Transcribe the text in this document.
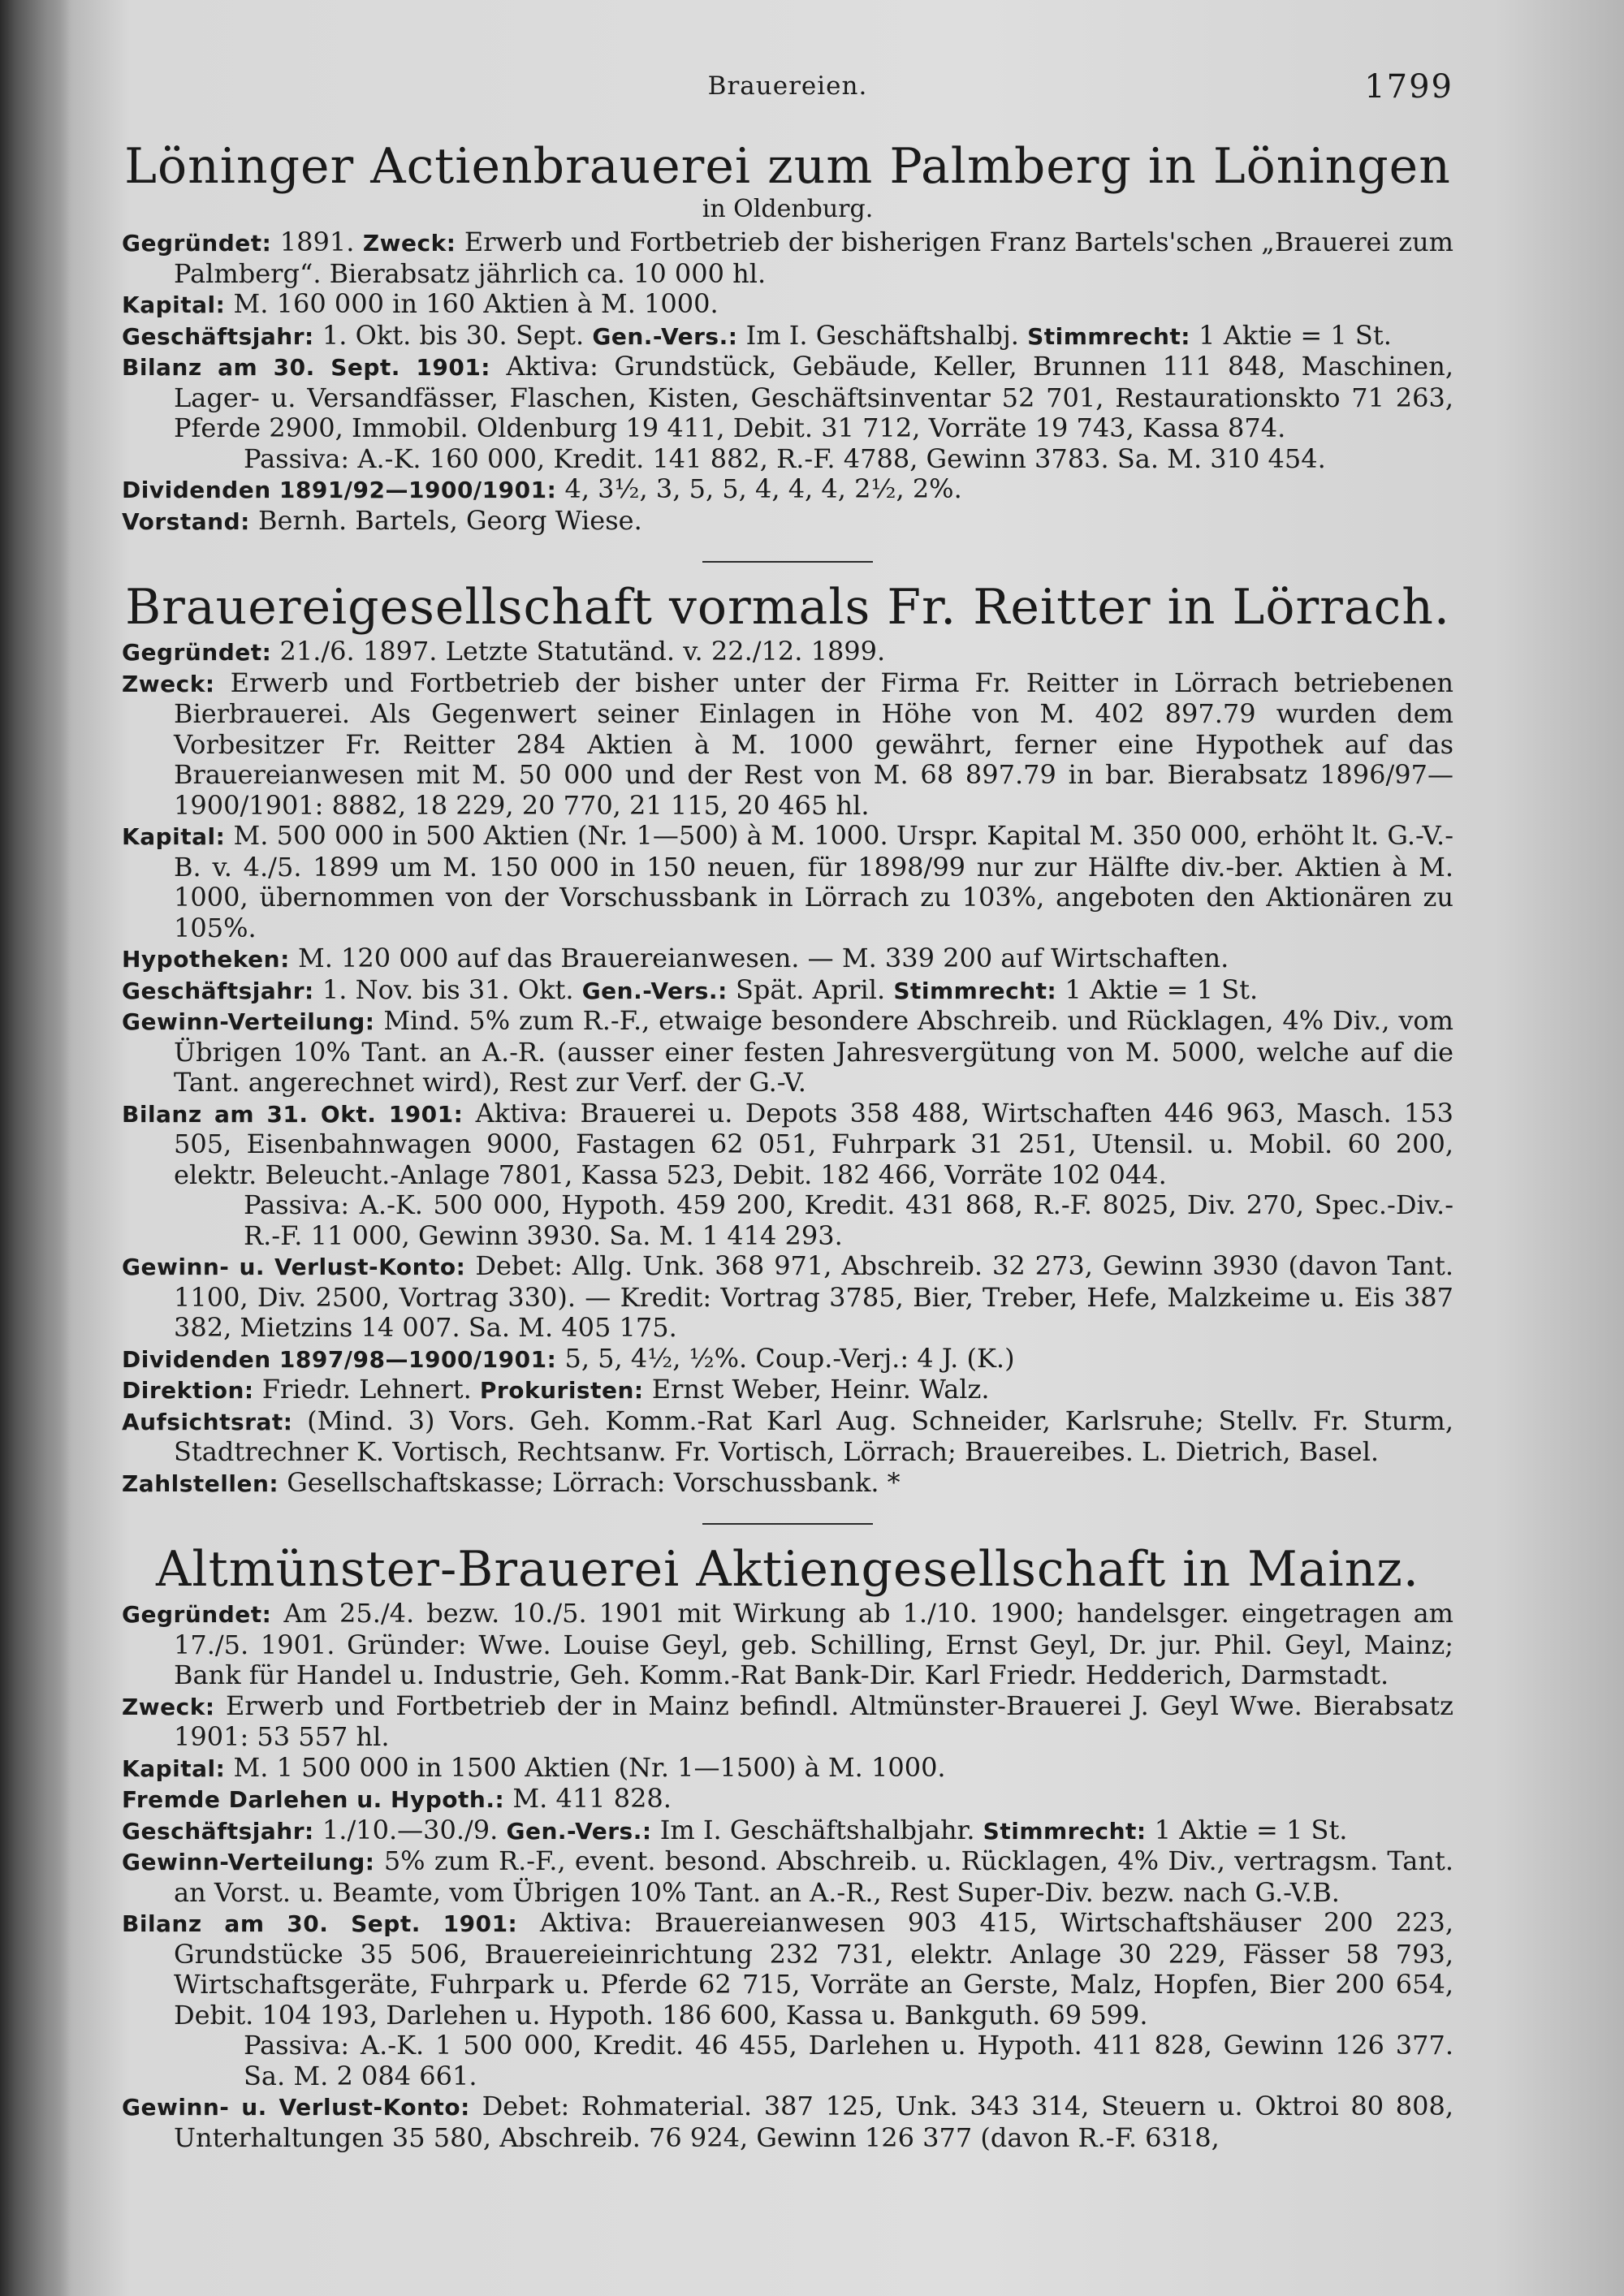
Brauereien.	1799
Löninger Actienbrauerei zum Palmberg in Löningen
in Oldenburg.

Gegründet: 1891. Zweck: Erwerb und Fortbetrieb der bisherigen Franz Bartels'schen „Brauerei zum Palmberg“. Bierabsatz jährlich ca. 10 000 hl.

Kapital: M. 160 000 in 160 Aktien à M. 1000.

Geschäftsjahr: 1. Okt. bis 30. Sept. Gen.-Vers.: Im I. Geschäftshalbj. Stimmrecht: 1 Aktie = 1 St.

Bilanz am 30. Sept. 1901: Aktiva: Grundstück, Gebäude, Keller, Brunnen 111 848, Maschinen, Lager- u. Versandfässer, Flaschen, Kisten, Geschäftsinventar 52 701, Restaurationskto 71 263, Pferde 2900, Immobil. Oldenburg 19 411, Debit. 31 712, Vorräte 19 743, Kassa 874.

Passiva: A.-K. 160 000, Kredit. 141 882, R.-F. 4788, Gewinn 3783. Sa. M. 310 454.

Dividenden 1891/92—1900/1901: 4, 3½, 3, 5, 5, 4, 4, 4, 2½, 2%.

Vorstand: Bernh. Bartels, Georg Wiese.

Brauereigesellschaft vormals Fr. Reitter in Lörrach.

Gegründet: 21./6. 1897. Letzte Statutänd. v. 22./12. 1899.

Zweck: Erwerb und Fortbetrieb der bisher unter der Firma Fr. Reitter in Lörrach betriebenen Bierbrauerei. Als Gegenwert seiner Einlagen in Höhe von M. 402 897.79 wurden dem Vorbesitzer Fr. Reitter 284 Aktien à M. 1000 gewährt, ferner eine Hypothek auf das Brauereianwesen mit M. 50 000 und der Rest von M. 68 897.79 in bar. Bierabsatz 1896/97—1900/1901: 8882, 18 229, 20 770, 21 115, 20 465 hl.

Kapital: M. 500 000 in 500 Aktien (Nr. 1—500) à M. 1000. Urspr. Kapital M. 350 000, erhöht lt. G.-V.-B. v. 4./5. 1899 um M. 150 000 in 150 neuen, für 1898/99 nur zur Hälfte div.-ber. Aktien à M. 1000, übernommen von der Vorschussbank in Lörrach zu 103%, angeboten den Aktionären zu 105%.

Hypotheken: M. 120 000 auf das Brauereianwesen. — M. 339 200 auf Wirtschaften.

Geschäftsjahr: 1. Nov. bis 31. Okt. Gen.-Vers.: Spät. April. Stimmrecht: 1 Aktie = 1 St.

Gewinn-Verteilung: Mind. 5% zum R.-F., etwaige besondere Abschreib. und Rücklagen, 4% Div., vom Übrigen 10% Tant. an A.-R. (ausser einer festen Jahresvergütung von M. 5000, welche auf die Tant. angerechnet wird), Rest zur Verf. der G.-V.

Bilanz am 31. Okt. 1901: Aktiva: Brauerei u. Depots 358 488, Wirtschaften 446 963, Masch. 153 505, Eisenbahnwagen 9000, Fastagen 62 051, Fuhrpark 31 251, Utensil. u. Mobil. 60 200, elektr. Beleucht.-Anlage 7801, Kassa 523, Debit. 182 466, Vorräte 102 044.

Passiva: A.-K. 500 000, Hypoth. 459 200, Kredit. 431 868, R.-F. 8025, Div. 270, Spec.-Div.-R.-F. 11 000, Gewinn 3930. Sa. M. 1 414 293.

Gewinn- u. Verlust-Konto: Debet: Allg. Unk. 368 971, Abschreib. 32 273, Gewinn 3930 (davon Tant. 1100, Div. 2500, Vortrag 330). — Kredit: Vortrag 3785, Bier, Treber, Hefe, Malzkeime u. Eis 387 382, Mietzins 14 007. Sa. M. 405 175.

Dividenden 1897/98—1900/1901: 5, 5, 4½, ½%. Coup.-Verj.: 4 J. (K.)

Direktion: Friedr. Lehnert. Prokuristen: Ernst Weber, Heinr. Walz.

Aufsichtsrat: (Mind. 3) Vors. Geh. Komm.-Rat Karl Aug. Schneider, Karlsruhe; Stellv. Fr. Sturm, Stadtrechner K. Vortisch, Rechtsanw. Fr. Vortisch, Lörrach; Brauereibes. L. Dietrich, Basel.

Zahlstellen: Gesellschaftskasse; Lörrach: Vorschussbank. *

Altmünster-Brauerei Aktiengesellschaft in Mainz.

Gegründet: Am 25./4. bezw. 10./5. 1901 mit Wirkung ab 1./10. 1900; handelsger. eingetragen am 17./5. 1901. Gründer: Wwe. Louise Geyl, geb. Schilling, Ernst Geyl, Dr. jur. Phil. Geyl, Mainz; Bank für Handel u. Industrie, Geh. Komm.-Rat Bank-Dir. Karl Friedr. Hedderich, Darmstadt.

Zweck: Erwerb und Fortbetrieb der in Mainz befindl. Altmünster-Brauerei J. Geyl Wwe. Bierabsatz 1901: 53 557 hl.

Kapital: M. 1 500 000 in 1500 Aktien (Nr. 1—1500) à M. 1000.

Fremde Darlehen u. Hypoth.: M. 411 828.

Geschäftsjahr: 1./10.—30./9. Gen.-Vers.: Im I. Geschäftshalbjahr. Stimmrecht: 1 Aktie = 1 St.

Gewinn-Verteilung: 5% zum R.-F., event. besond. Abschreib. u. Rücklagen, 4% Div., vertragsm. Tant. an Vorst. u. Beamte, vom Übrigen 10% Tant. an A.-R., Rest Super-Div. bezw. nach G.-V.B.

Bilanz am 30. Sept. 1901: Aktiva: Brauereianwesen 903 415, Wirtschaftshäuser 200 223, Grundstücke 35 506, Brauereieinrichtung 232 731, elektr. Anlage 30 229, Fässer 58 793, Wirtschaftsgeräte, Fuhrpark u. Pferde 62 715, Vorräte an Gerste, Malz, Hopfen, Bier 200 654, Debit. 104 193, Darlehen u. Hypoth. 186 600, Kassa u. Bankguth. 69 599.

Passiva: A.-K. 1 500 000, Kredit. 46 455, Darlehen u. Hypoth. 411 828, Gewinn 126 377. Sa. M. 2 084 661.

Gewinn- u. Verlust-Konto: Debet: Rohmaterial. 387 125, Unk. 343 314, Steuern u. Oktroi 80 808, Unterhaltungen 35 580, Abschreib. 76 924, Gewinn 126 377 (davon R.-F. 6318,
